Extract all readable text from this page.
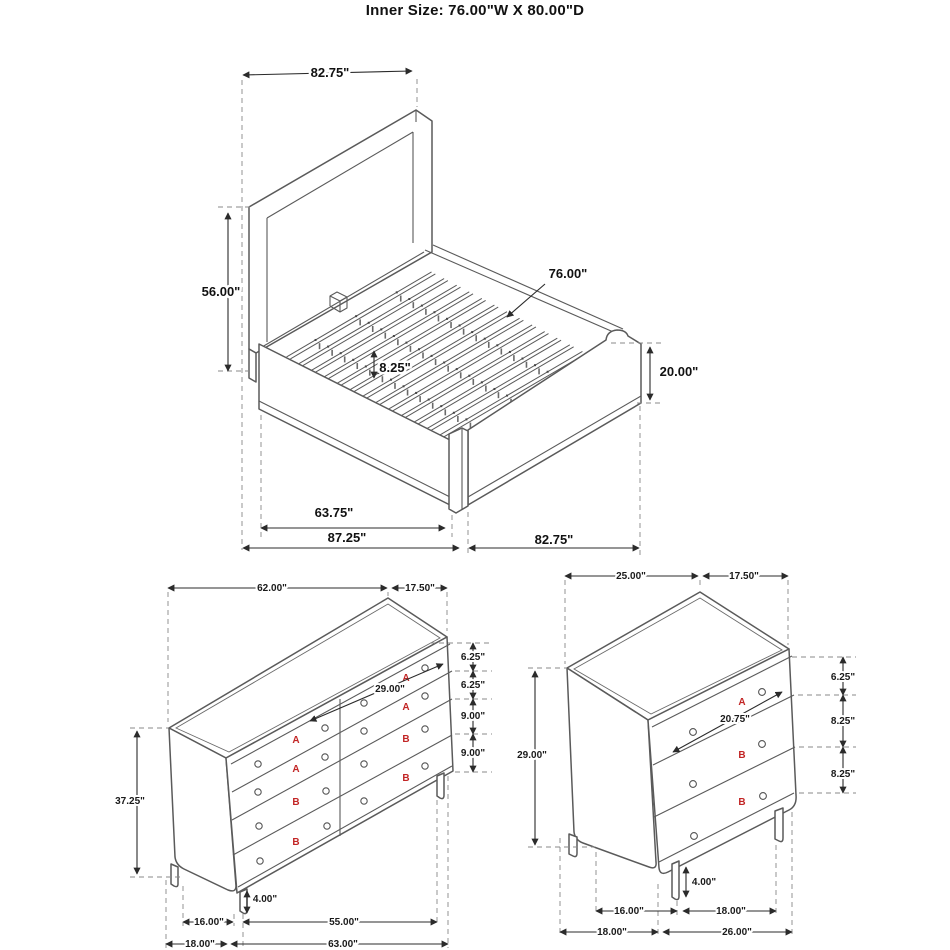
Inner Size: 76.00"W X 80.00"D
82.75"
56.00"
76.00"
8.25"	20.00"
63.75"
87.25"	82.75"
A
A
B
B
A
A
B
B
62.00"	17.50"
6.25"
6.25"
9.00"
9.00"
29.00"
37.25"
4.00"
16.00"	55.00"
18.00"	63.00"
A
B
B
25.00"	17.50"
6.25"
8.25"
8.25"
20.75"
29.00"
4.00"
16.00"	18.00"
18.00"	26.00"
